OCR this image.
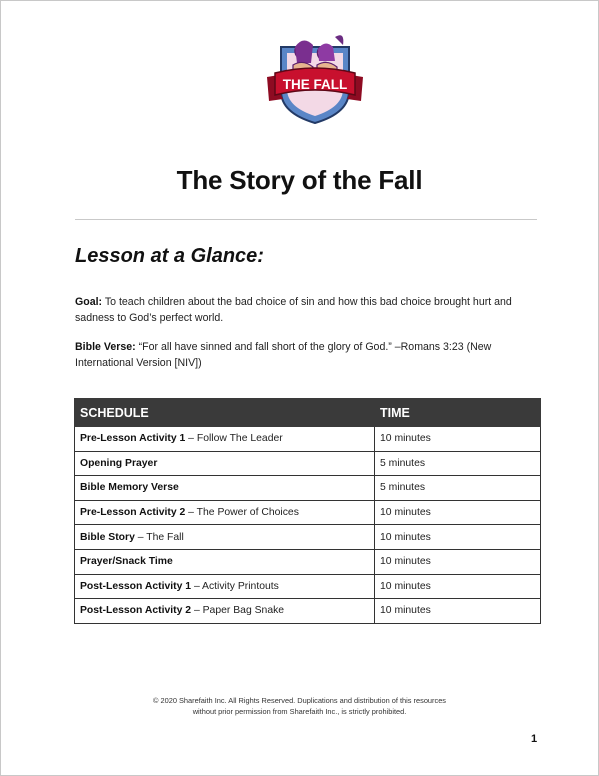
THE FALL
The Story of the Fall
Lesson at a Glance:
Goal: To teach children about the bad choice of sin and how this bad choice brought hurt and sadness to God’s perfect world.
Bible Verse: “For all have sinned and fall short of the glory of God.” –Romans 3:23 (New International Version [NIV])
SCHEDULE	TIME
Pre-Lesson Activity 1 – Follow The Leader	10 minutes
Opening Prayer	5 minutes
Bible Memory Verse	5 minutes
Pre-Lesson Activity 2 – The Power of Choices	10 minutes
Bible Story – The Fall	10 minutes
Prayer/Snack Time	10 minutes
Post-Lesson Activity 1 – Activity Printouts	10 minutes
Post-Lesson Activity 2 – Paper Bag Snake	10 minutes
© 2020 Sharefaith Inc. All Rights Reserved. Duplications and distribution of this resources
without prior permission from Sharefaith Inc., is strictly prohibited.
1
